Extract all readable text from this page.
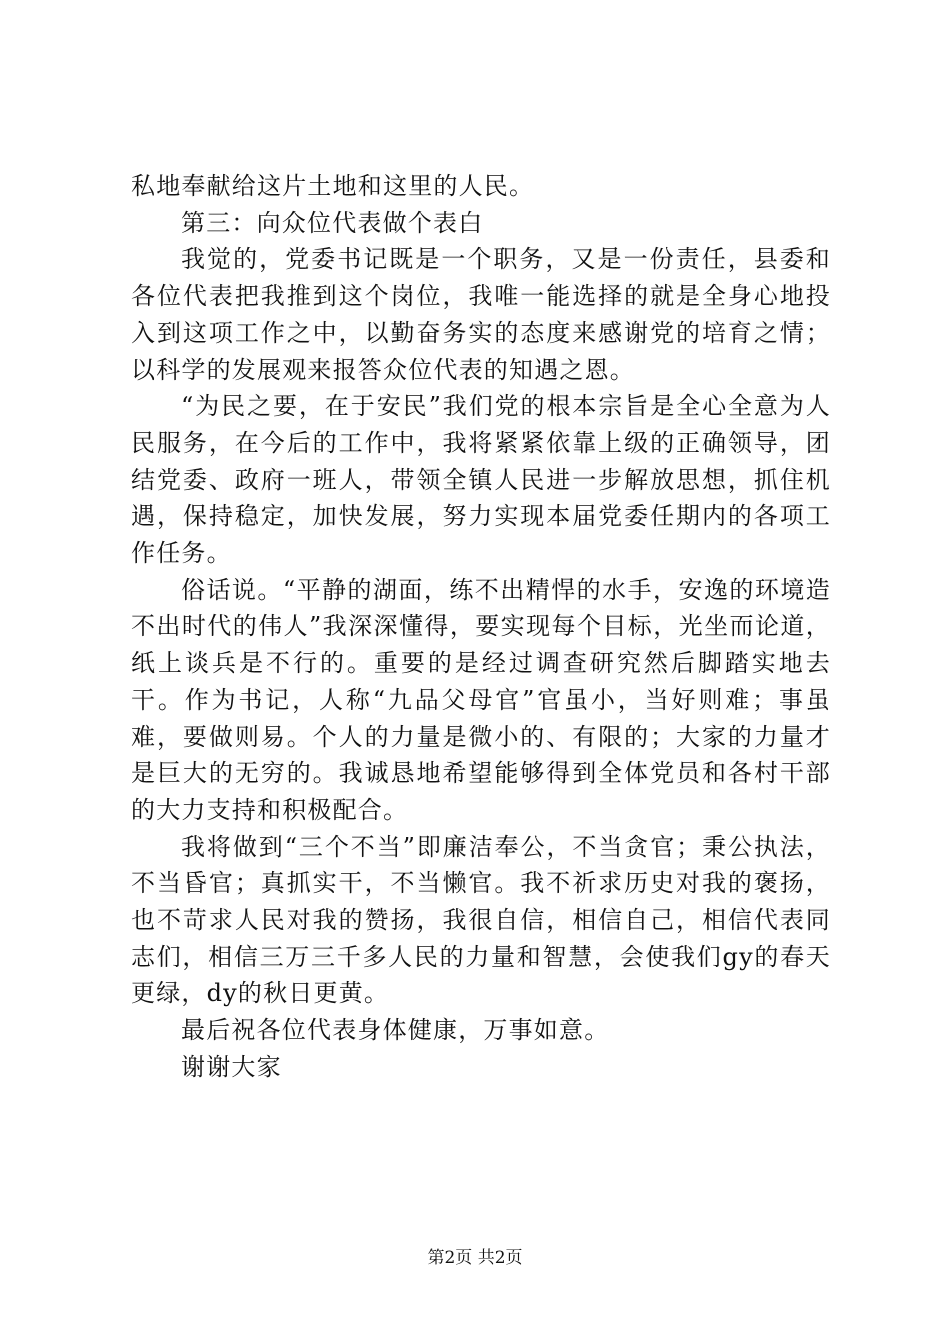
私地奉献给这片土地和这里的人民。

第三：向众位代表做个表白

我觉的，党委书记既是一个职务，又是一份责任，县委和各位代表把我推到这个岗位，我唯一能选择的就是全身心地投入到这项工作之中，以勤奋务实的态度来感谢党的培育之情；以科学的发展观来报答众位代表的知遇之恩。

“为民之要，在于安民”我们党的根本宗旨是全心全意为人民服务，在今后的工作中，我将紧紧依靠上级的正确领导，团结党委、政府一班人，带领全镇人民进一步解放思想，抓住机遇，保持稳定，加快发展，努力实现本届党委任期内的各项工作任务。

俗话说。“平静的湖面，练不出精悍的水手，安逸的环境造不出时代的伟人”我深深懂得，要实现每个目标，光坐而论道，纸上谈兵是不行的。重要的是经过调查研究然后脚踏实地去干。作为书记，人称“九品父母官”官虽小，当好则难；事虽难，要做则易。个人的力量是微小的、有限的；大家的力量才是巨大的无穷的。我诚恳地希望能够得到全体党员和各村干部的大力支持和积极配合。

我将做到“三个不当”即廉洁奉公，不当贪官；秉公执法，不当昏官；真抓实干，不当懒官。我不祈求历史对我的褒扬，也不苛求人民对我的赞扬，我很自信，相信自己，相信代表同志们，相信三万三千多人民的力量和智慧，会使我们gy的春天更绿，dy的秋日更黄。

最后祝各位代表身体健康，万事如意。

谢谢大家

第2页 共2页
